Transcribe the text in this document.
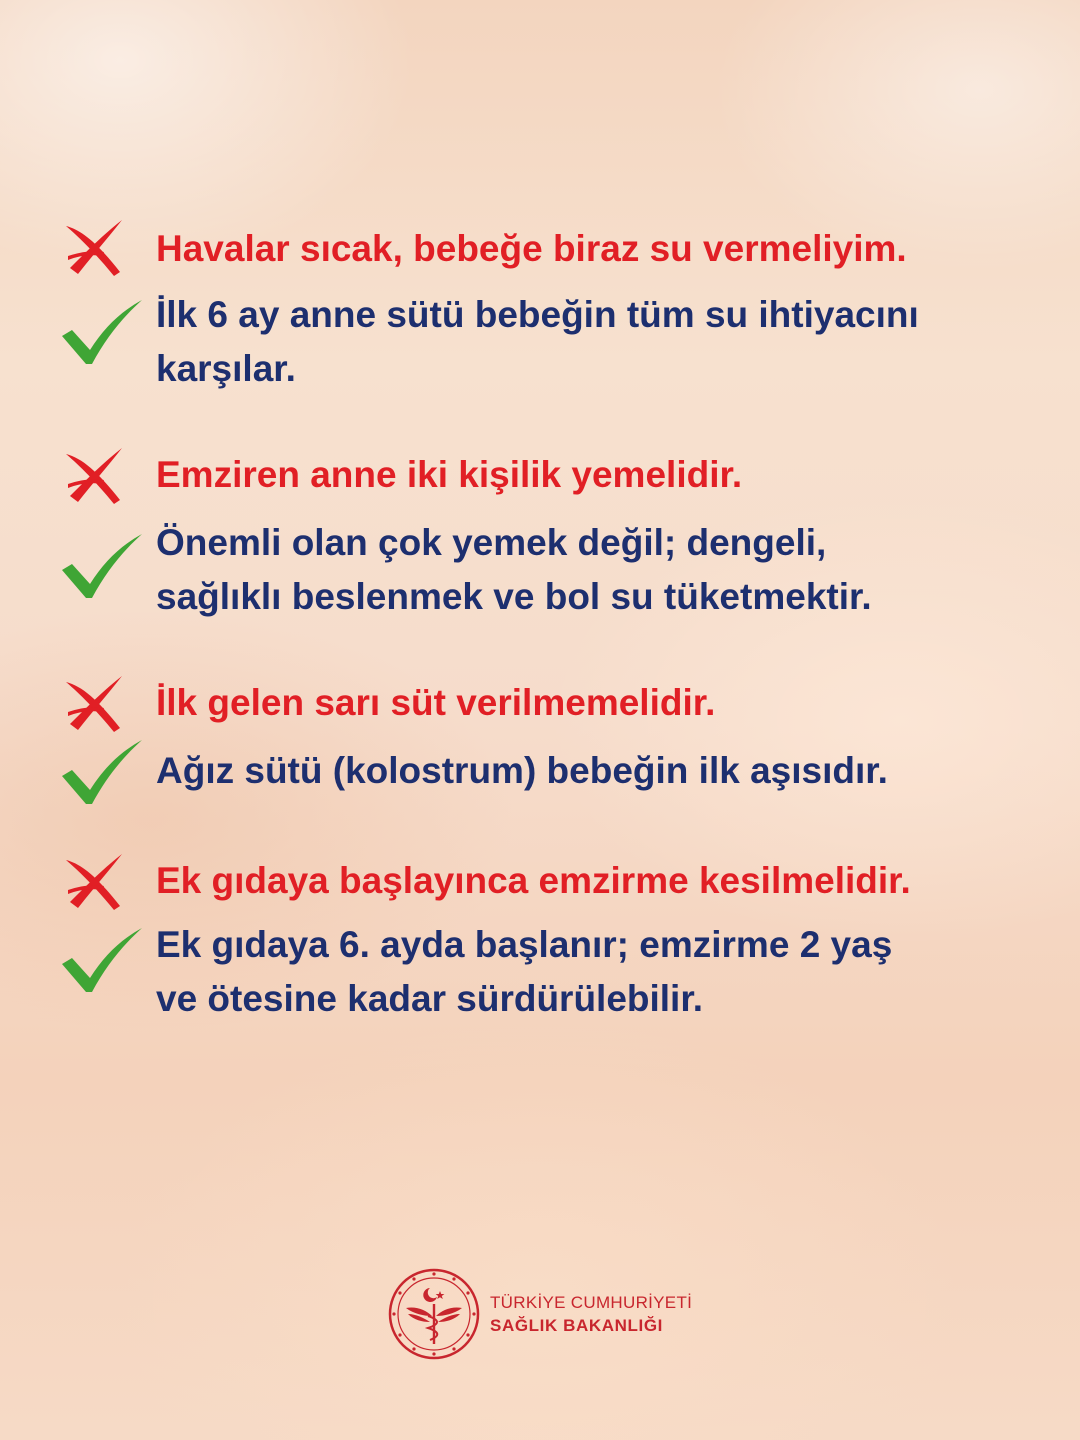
Havalar sıcak, bebeğe biraz su vermeliyim.

İlk 6 ay anne sütü bebeğin tüm su ihtiyacını

karşılar.

Emziren anne iki kişilik yemelidir.

Önemli olan çok yemek değil; dengeli,

sağlıklı beslenmek ve bol su tüketmektir.

İlk gelen sarı süt verilmemelidir.

Ağız sütü (kolostrum) bebeğin ilk aşısıdır.

Ek gıdaya başlayınca emzirme kesilmelidir.

Ek gıdaya 6. ayda başlanır; emzirme 2 yaş

ve ötesine kadar sürdürülebilir.

TÜRKİYE CUMHURİYETİ
SAĞLIK BAKANLIĞI
